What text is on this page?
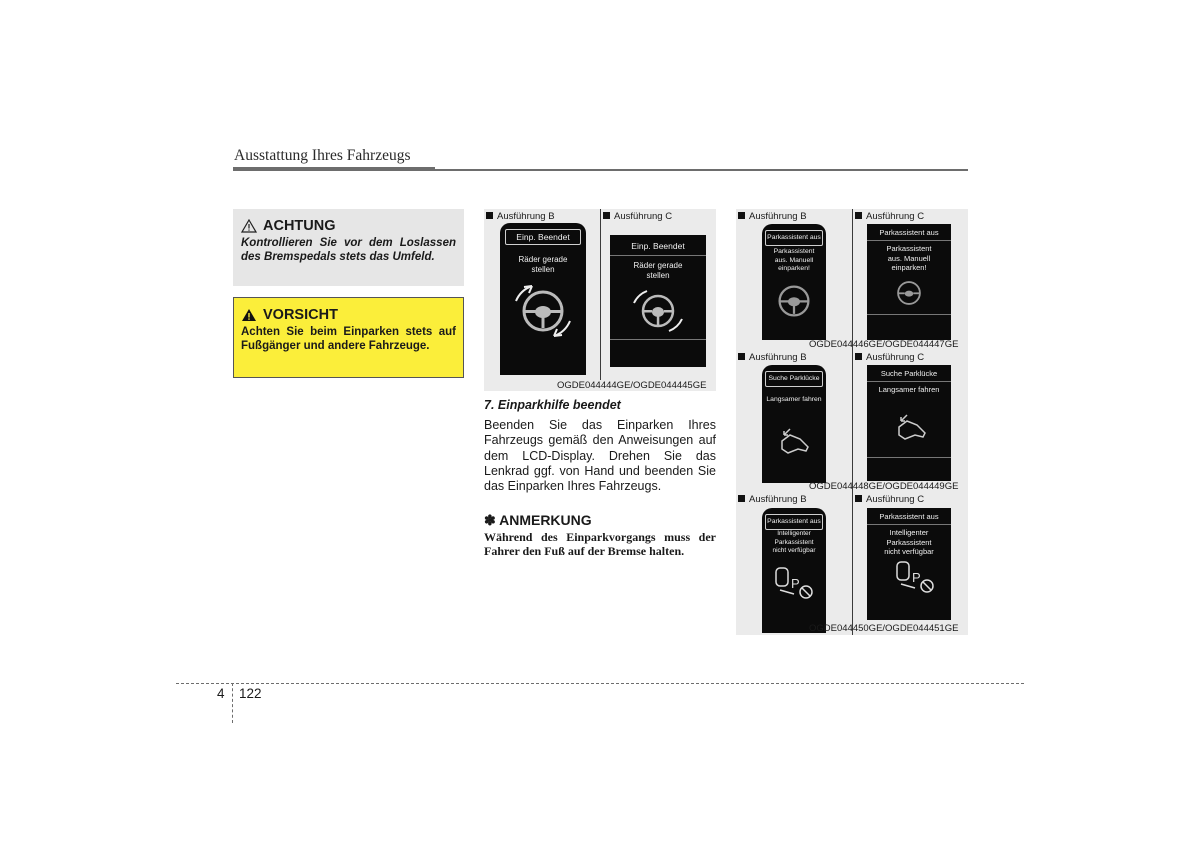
Ausstattung Ihres Fahrzeugs
ACHTUNG
Kontrollieren Sie vor dem Loslassen des Bremspedals stets das Umfeld.
VORSICHT
Achten Sie beim Einparken stets auf Fußgänger und andere Fahrzeuge.
Ausführung B	Ausführung C
Einp. Beendet
Räder gerade
stellen
Einp. Beendet
Räder gerade
stellen
OGDE044444GE/OGDE044445GE
7. Einparkhilfe beendet
Beenden Sie das Einparken Ihres Fahrzeugs gemäß den Anweisungen auf dem LCD-Display. Drehen Sie das Lenkrad ggf. von Hand und beenden Sie das Einparken Ihres Fahrzeugs.
✽ ANMERKUNG
Während des Einparkvorgangs muss der Fahrer den Fuß auf der Bremse halten.
Ausführung B	Ausführung C
Parkassistent aus
Parkassistent
aus. Manuell
einparken!
Parkassistent aus
Parkassistent
aus. Manuell
einparken!
OGDE044446GE/OGDE044447GE
Ausführung B	Ausführung C
Suche Parklücke
Langsamer fahren
Suche Parklücke
Langsamer fahren
OGDE044448GE/OGDE044449GE
Ausführung B	Ausführung C
Parkassistent aus
Intelligenter
Parkassistent
nicht verfügbar
P
Parkassistent aus
Intelligenter
Parkassistent
nicht verfügbar
P
OGDE044450GE/OGDE044451GE
4 122
